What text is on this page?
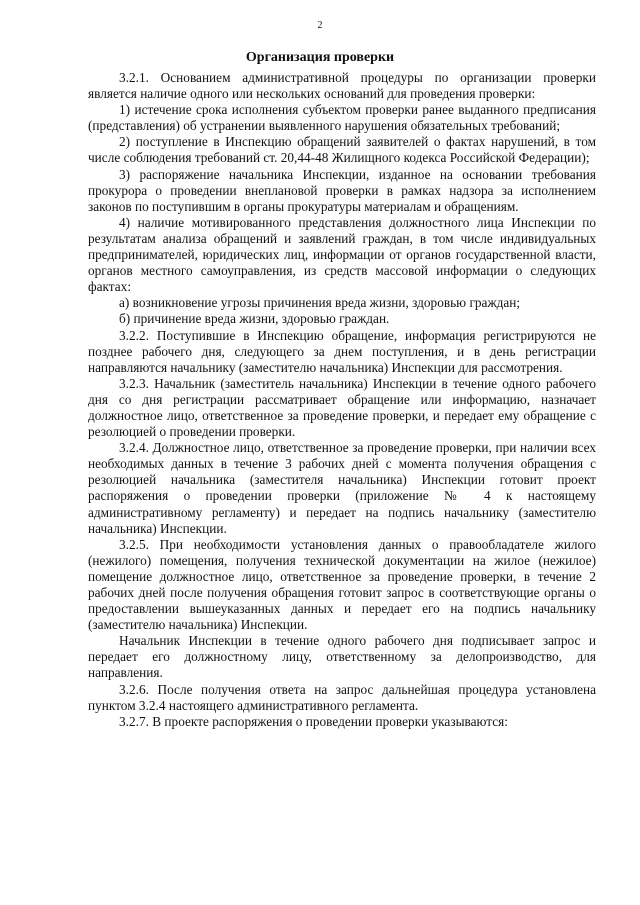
2
Организация проверки

3.2.1. Основанием административной процедуры по организации проверки является наличие одного или нескольких оснований для проведения проверки:

1) истечение срока исполнения субъектом проверки ранее выданного предписания (представления) об устранении выявленного нарушения обязательных требований;

2) поступление в Инспекцию обращений заявителей о фактах нарушений, в том числе соблюдения требований ст. 20,44-48 Жилищного кодекса Российской Федерации);

3) распоряжение начальника Инспекции, изданное на основании требования прокурора о проведении внеплановой проверки в рамках надзора за исполнением законов по поступившим в органы прокуратуры материалам и обращениям.

4) наличие мотивированного представления должностного лица Инспекции по результатам анализа обращений и заявлений граждан, в том числе индивидуальных предпринимателей, юридических лиц, информации от органов государственной власти, органов местного самоуправления, из средств массовой информации о следующих фактах:

а) возникновение угрозы причинения вреда жизни, здоровью граждан;

б) причинение вреда жизни, здоровью граждан.

3.2.2. Поступившие в Инспекцию обращение, информация регистрируются не позднее рабочего дня, следующего за днем поступления, и в день регистрации направляются начальнику (заместителю начальника) Инспекции для рассмотрения.

3.2.3. Начальник (заместитель начальника) Инспекции в течение одного рабочего дня со дня регистрации рассматривает обращение или информацию, назначает должностное лицо, ответственное за проведение проверки, и передает ему обращение с резолюцией о проведении проверки.

3.2.4. Должностное лицо, ответственное за проведение проверки, при наличии всех необходимых данных в течение 3 рабочих дней с момента получения обращения с резолюцией начальника (заместителя начальника) Инспекции готовит проект распоряжения о проведении проверки (приложение № 4 к настоящему административному регламенту) и передает на подпись начальнику (заместителю начальника) Инспекции.

3.2.5. При необходимости установления данных о правообладателе жилого (нежилого) помещения, получения технической документации на жилое (нежилое) помещение должностное лицо, ответственное за проведение проверки, в течение 2 рабочих дней после получения обращения готовит запрос в соответствующие органы о предоставлении вышеуказанных данных и передает его на подпись начальнику (заместителю начальника) Инспекции.

Начальник Инспекции в течение одного рабочего дня подписывает запрос и передает его должностному лицу, ответственному за делопроизводство, для направления.

3.2.6. После получения ответа на запрос дальнейшая процедура установлена пунктом 3.2.4 настоящего административного регламента.

3.2.7. В проекте распоряжения о проведении проверки указываются:
